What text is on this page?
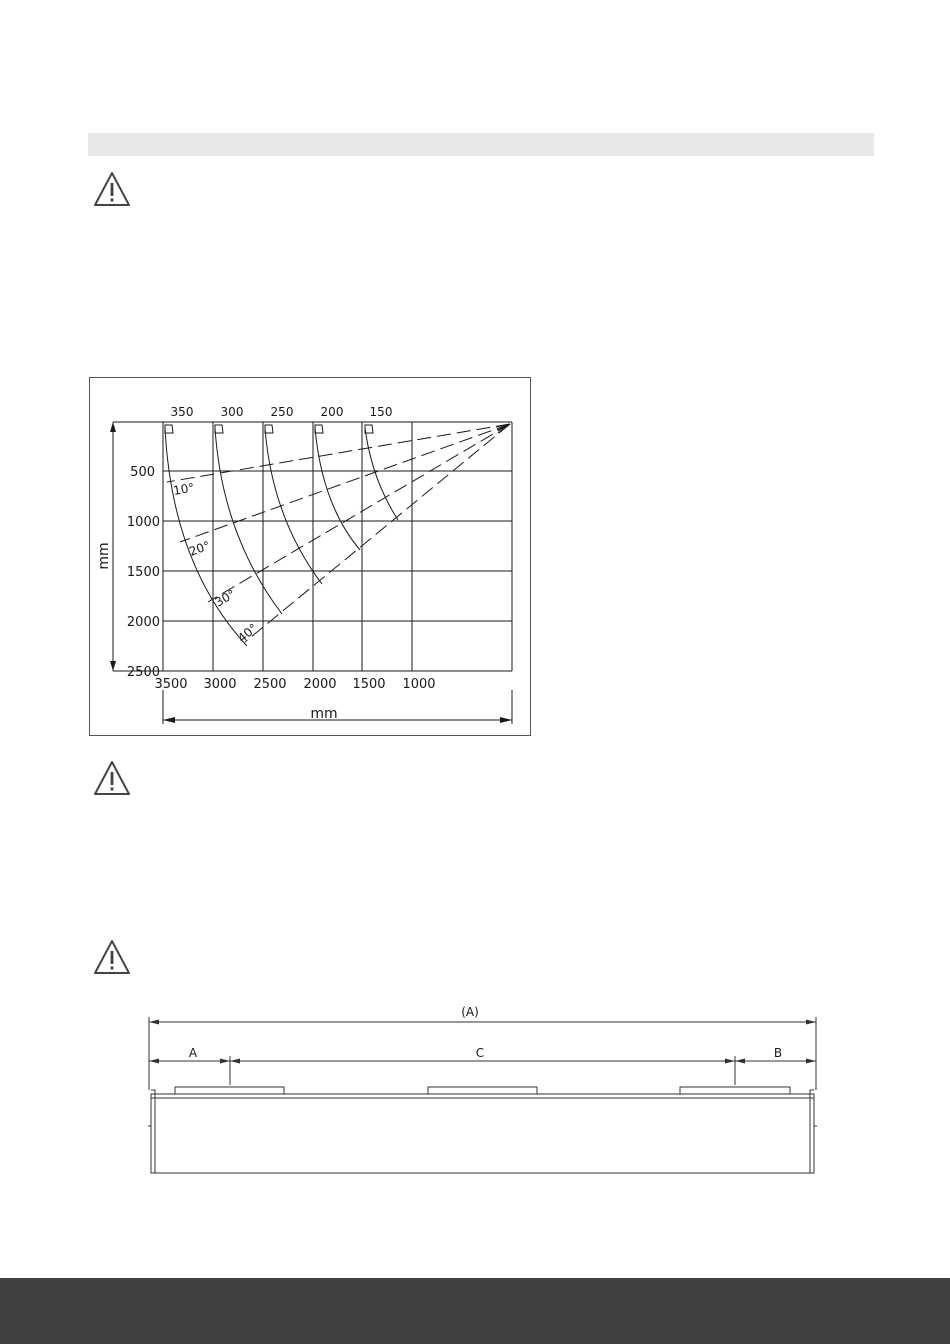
350 300 250 200 150
500
1000
1500
2000
2500
3500 3000 2500 2000 1500 1000
mm
mm
10°
20°
30°
40°
(A)
A	C	B
